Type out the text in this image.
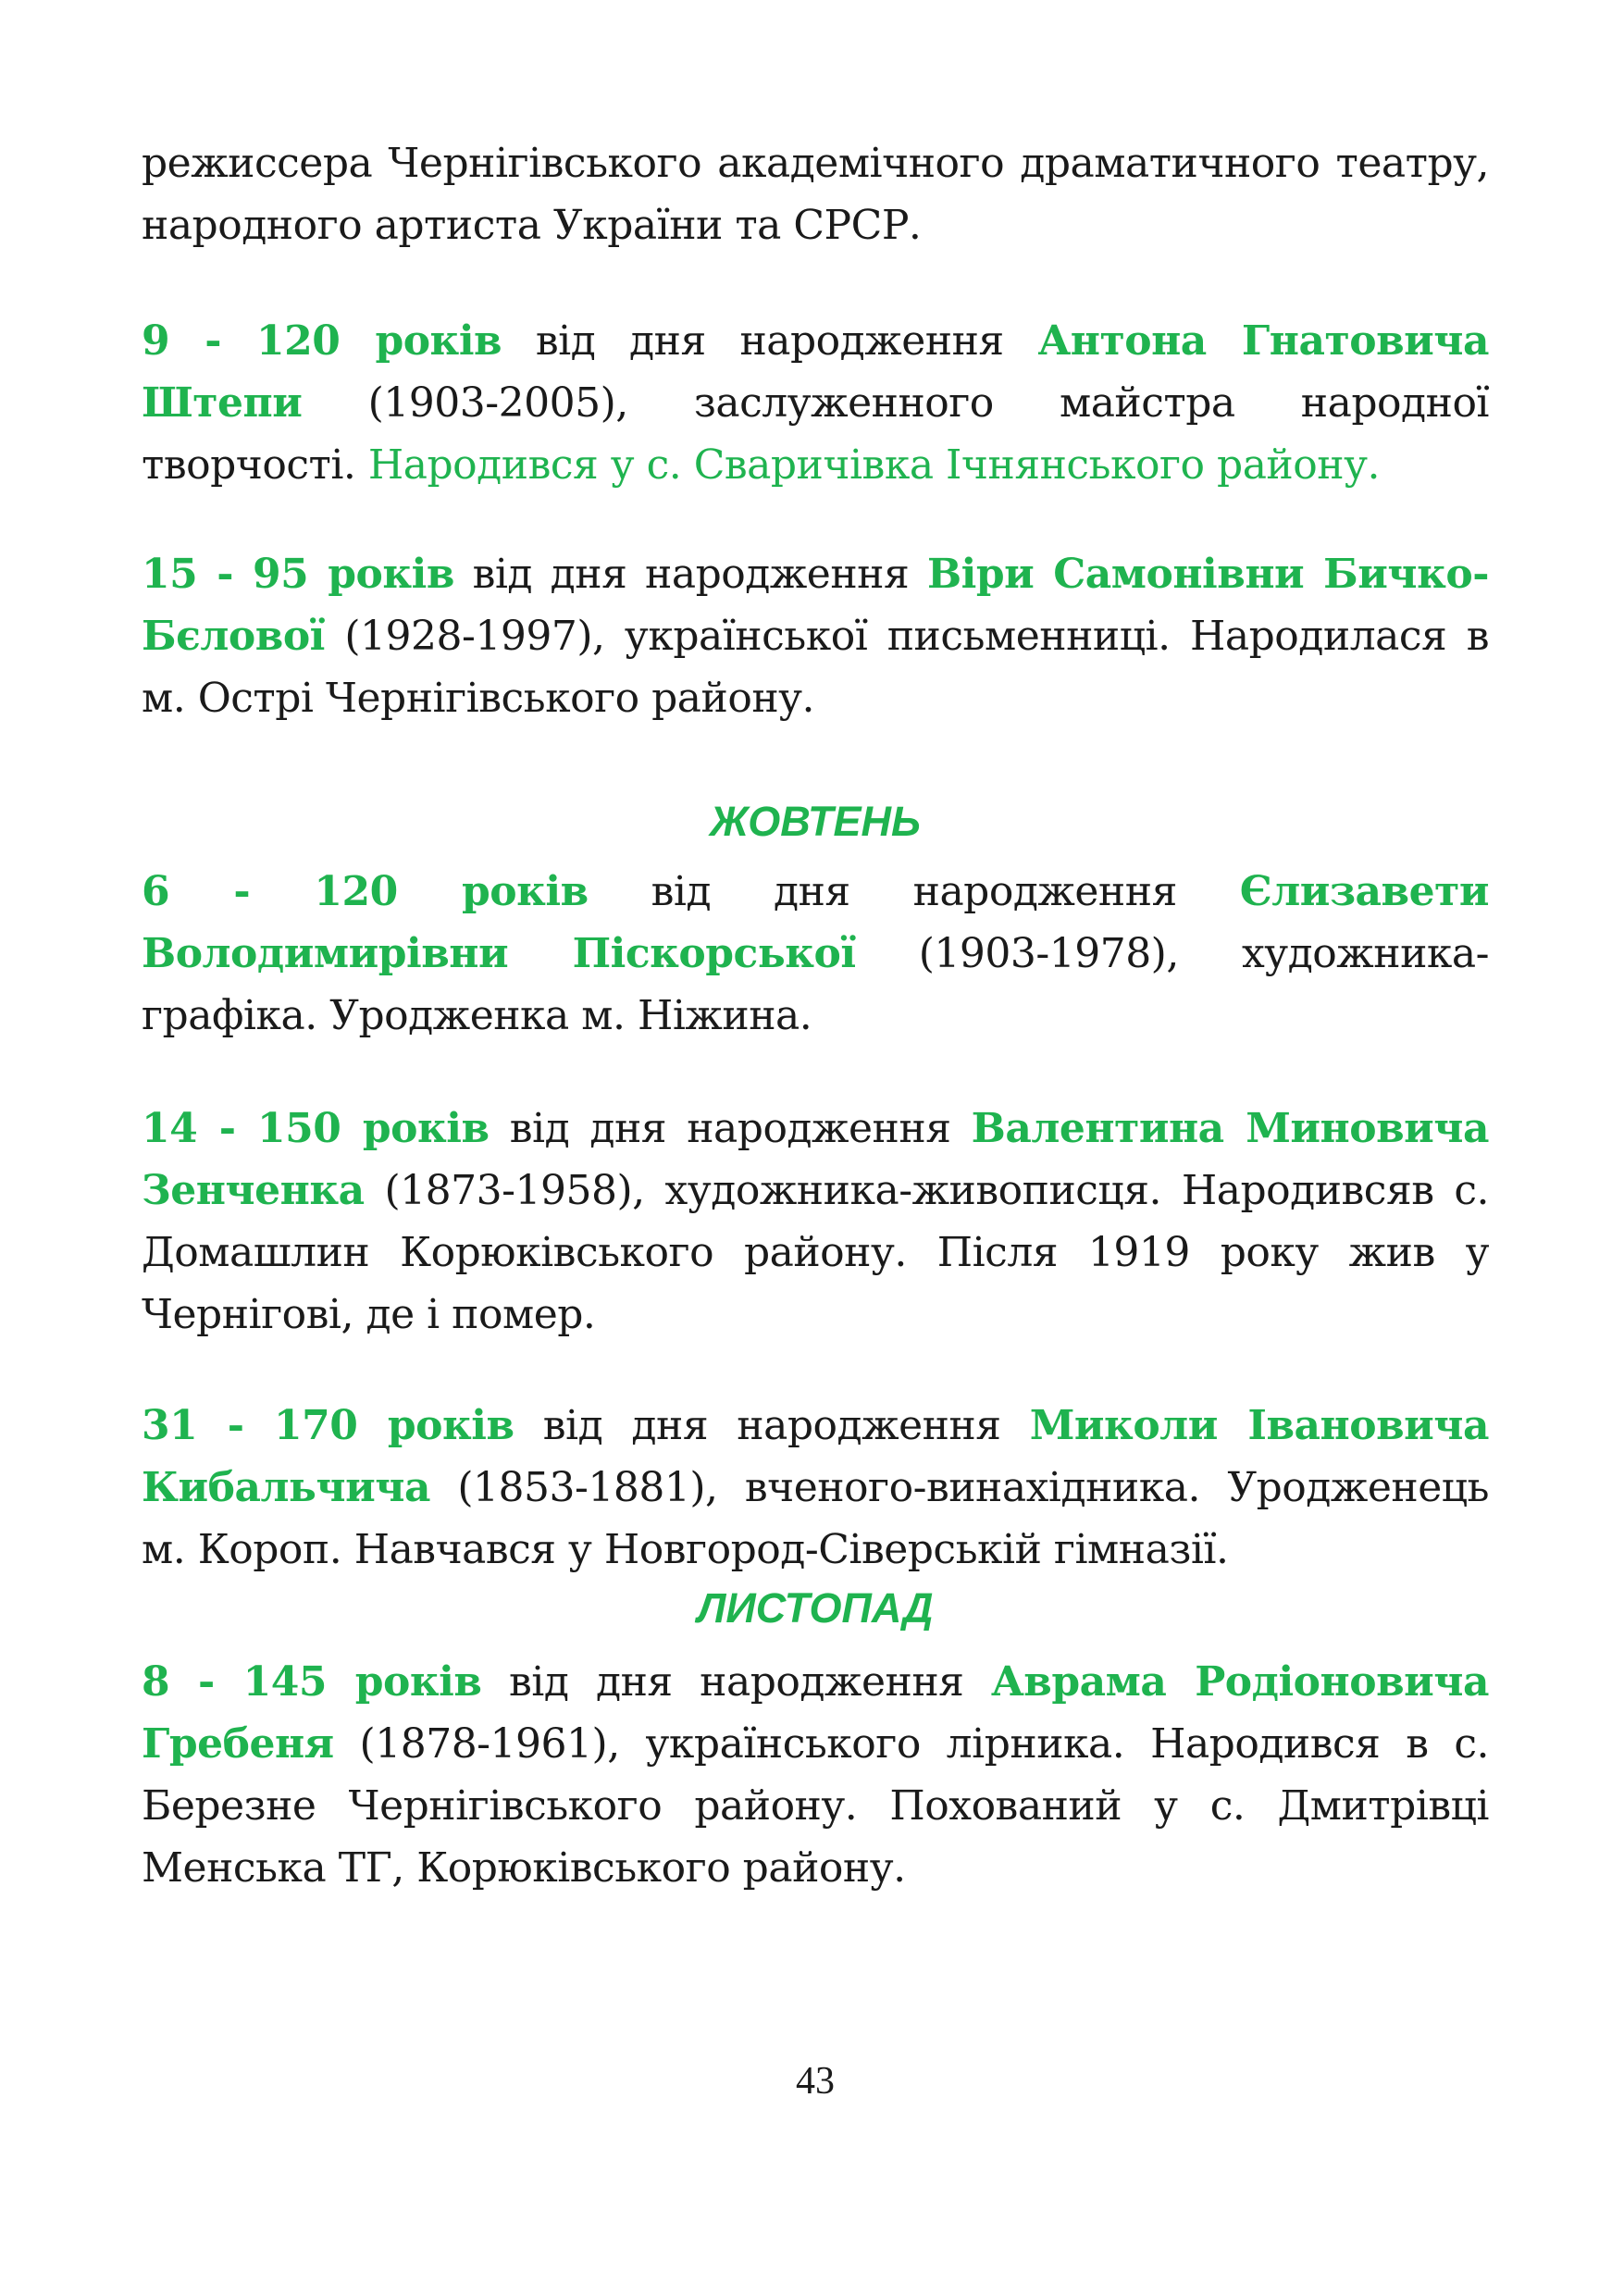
режиссера Чернігівського академічного драматичного театру, народного артиста України та СРСР.

9 - 120 років від дня народження Антона Гнатовича Штепи (1903-2005), заслуженного майстра народної творчості. Народився у с. Сваричівка Ічнянського району.

15 - 95 років від дня народження Віри Самонівни Бичко-Бєлової (1928-1997), української письменниці. Народилася в м. Острі Чернігівського району.

ЖОВТЕНЬ

6 - 120 років від дня народження Єлизавети Володимирівни Піскорської (1903-1978), художника-графіка. Уродженка м. Ніжина.

14 - 150 років від дня народження Валентина Миновича Зенченка (1873-1958), художника-живописця. Народивсяв с. Домашлин Корюківського району. Після 1919 року жив у Чернігові, де і помер.

31 - 170 років від дня народження Миколи Івановича Кибальчича (1853-1881), вченого-винахідника. Уродженець м. Короп. Навчався у Новгород-Сіверській гімназії.

ЛИСТОПАД

8 - 145 років від дня народження Аврама Родіоновича Гребеня (1878-1961), українського лірника. Народився в с. Березне Чернігівського району. Похований у с. Дмитрівці Менська ТГ, Корюківського району.

43
